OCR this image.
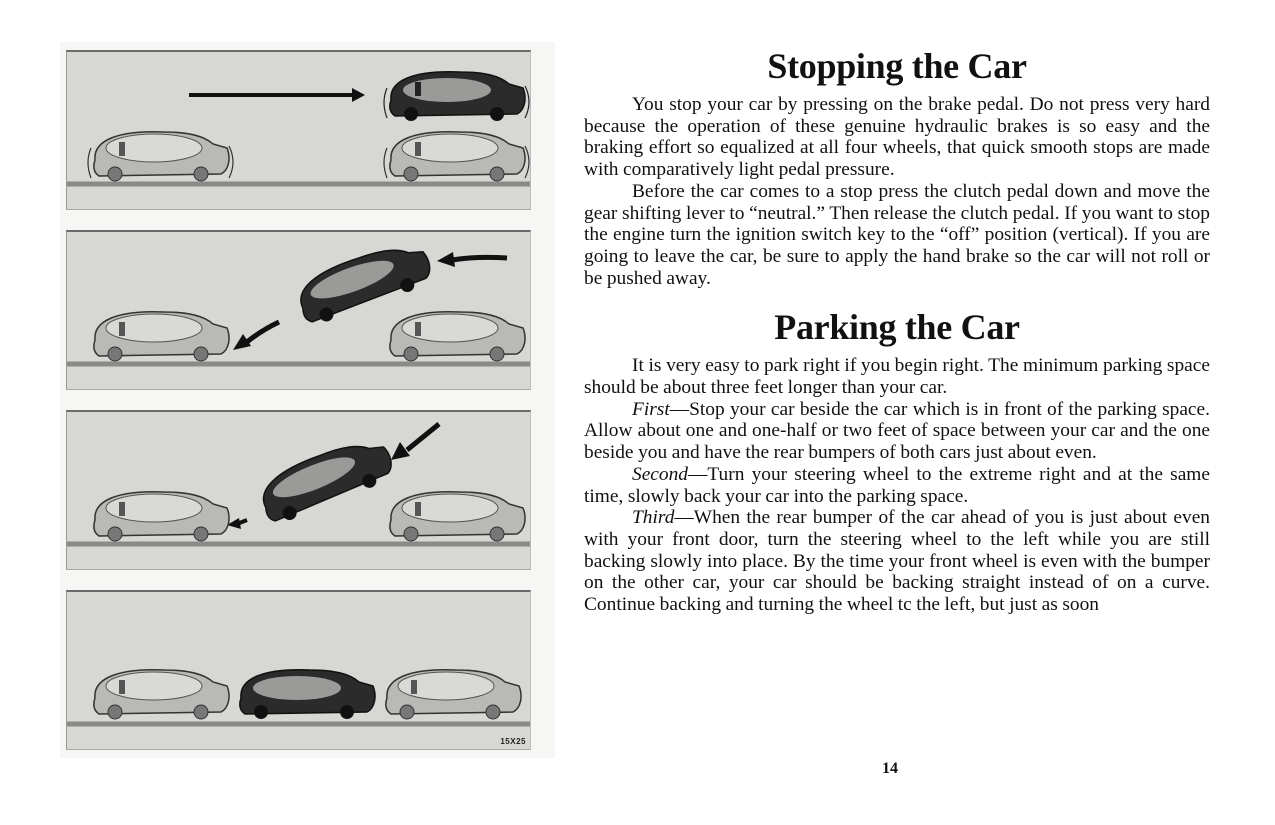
15X25
Stopping the Car

You stop your car by pressing on the brake pedal. Do not press very hard because the operation of these genuine hydraulic brakes is so easy and the braking effort so equalized at all four wheels, that quick smooth stops are made with comparatively light pedal pressure.

Before the car comes to a stop press the clutch pedal down and move the gear shifting lever to “neutral.” Then release the clutch pedal. If you want to stop the engine turn the ignition switch key to the “off” position (vertical). If you are going to leave the car, be sure to apply the hand brake so the car will not roll or be pushed away.

Parking the Car

It is very easy to park right if you begin right. The minimum parking space should be about three feet longer than your car.

First—Stop your car beside the car which is in front of the parking space. Allow about one and one-half or two feet of space between your car and the one beside you and have the rear bumpers of both cars just about even.

Second—Turn your steering wheel to the extreme right and at the same time, slowly back your car into the parking space.

Third—When the rear bumper of the car ahead of you is just about even with your front door, turn the steering wheel to the left while you are still backing slowly into place. By the time your front wheel is even with the bumper on the other car, your car should be backing straight instead of on a curve. Continue backing and turning the wheel tc the left, but just as soon

14
